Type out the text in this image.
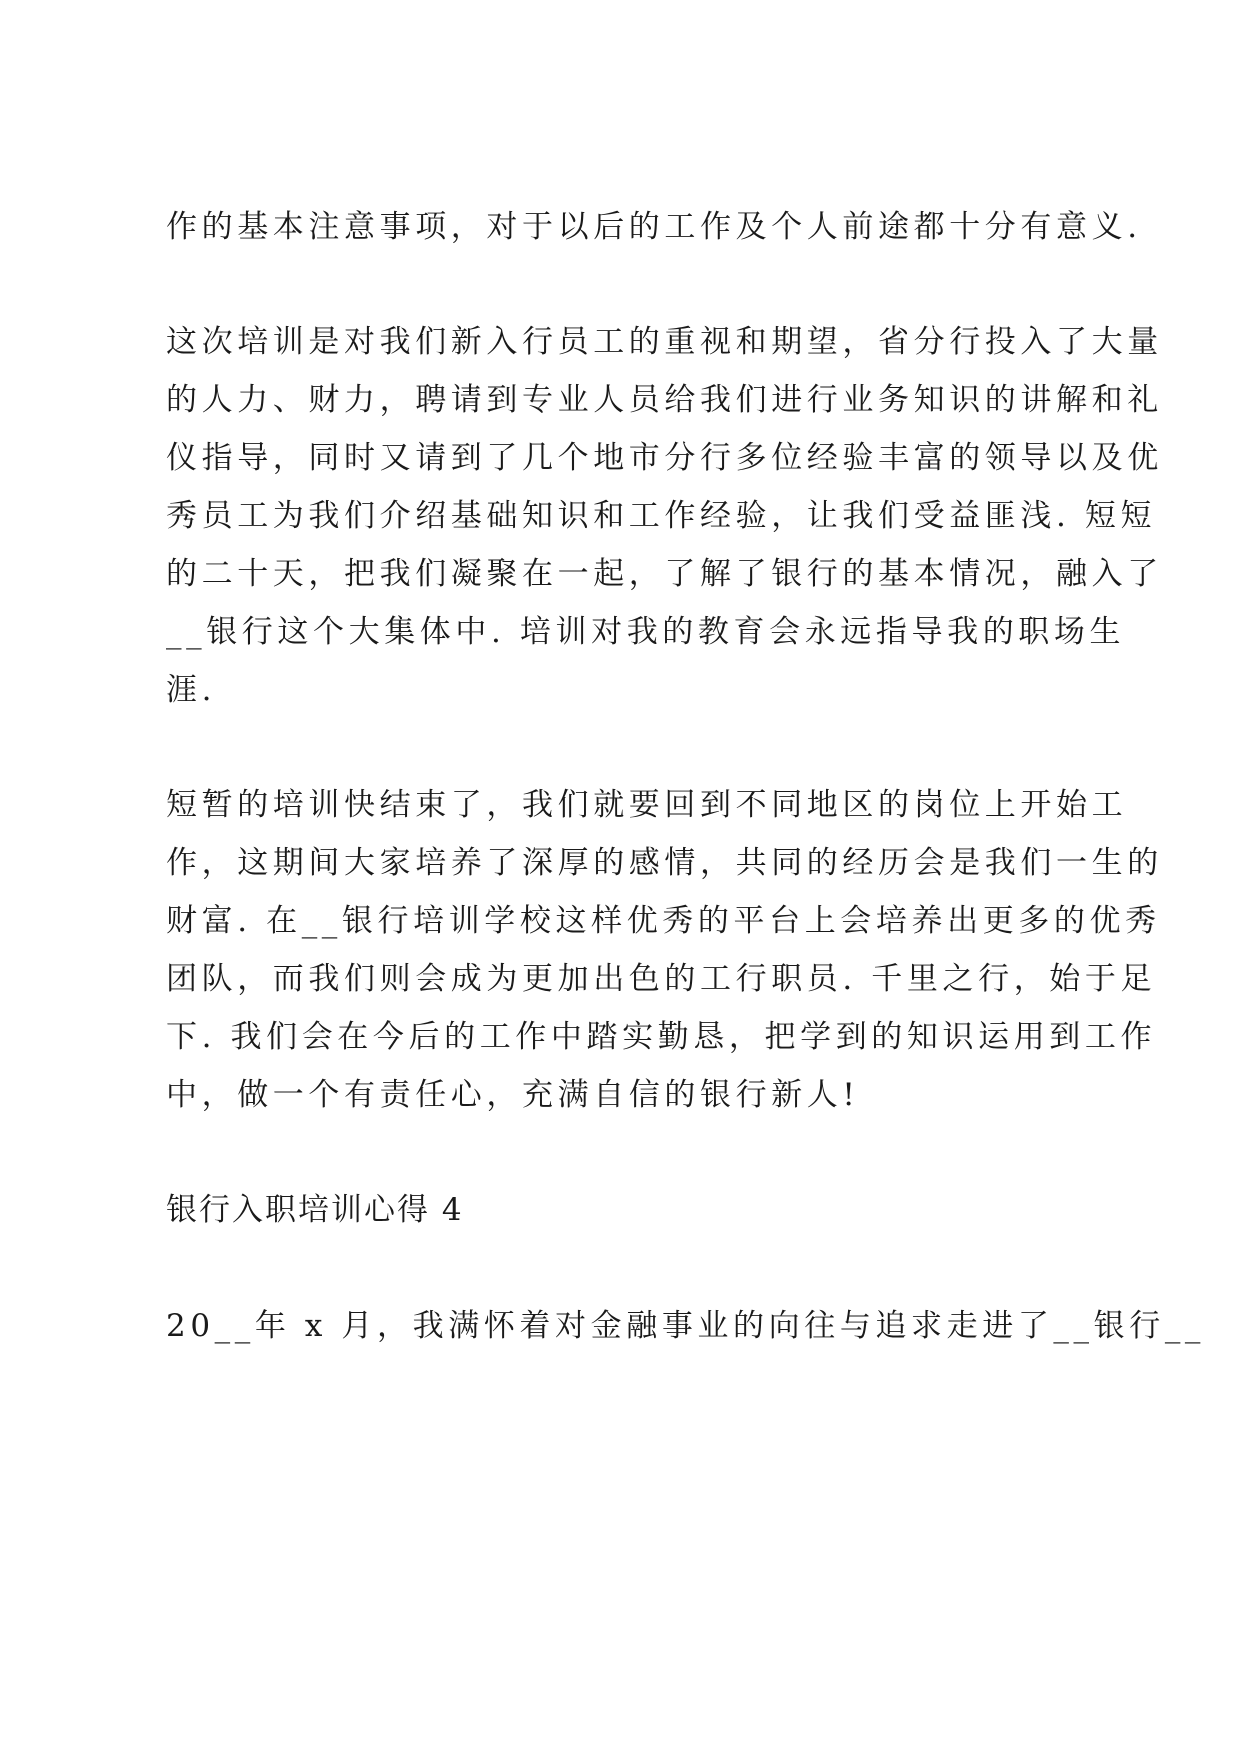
作的基本注意事项，对于以后的工作及个人前途都十分有意义.
这次培训是对我们新入行员工的重视和期望，省分行投入了大量
的人力、财力，聘请到专业人员给我们进行业务知识的讲解和礼
仪指导，同时又请到了几个地市分行多位经验丰富的领导以及优
秀员工为我们介绍基础知识和工作经验，让我们受益匪浅. 短短
的二十天，把我们凝聚在一起，了解了银行的基本情况，融入了
__银行这个大集体中. 培训对我的教育会永远指导我的职场生
涯.
短暂的培训快结束了，我们就要回到不同地区的岗位上开始工
作，这期间大家培养了深厚的感情，共同的经历会是我们一生的
财富. 在__银行培训学校这样优秀的平台上会培养出更多的优秀
团队，而我们则会成为更加出色的工行职员. 千里之行，始于足
下. 我们会在今后的工作中踏实勤恳，把学到的知识运用到工作
中，做一个有责任心，充满自信的银行新人!
银行入职培训心得 4
20__年 x 月，我满怀着对金融事业的向往与追求走进了__银行__
